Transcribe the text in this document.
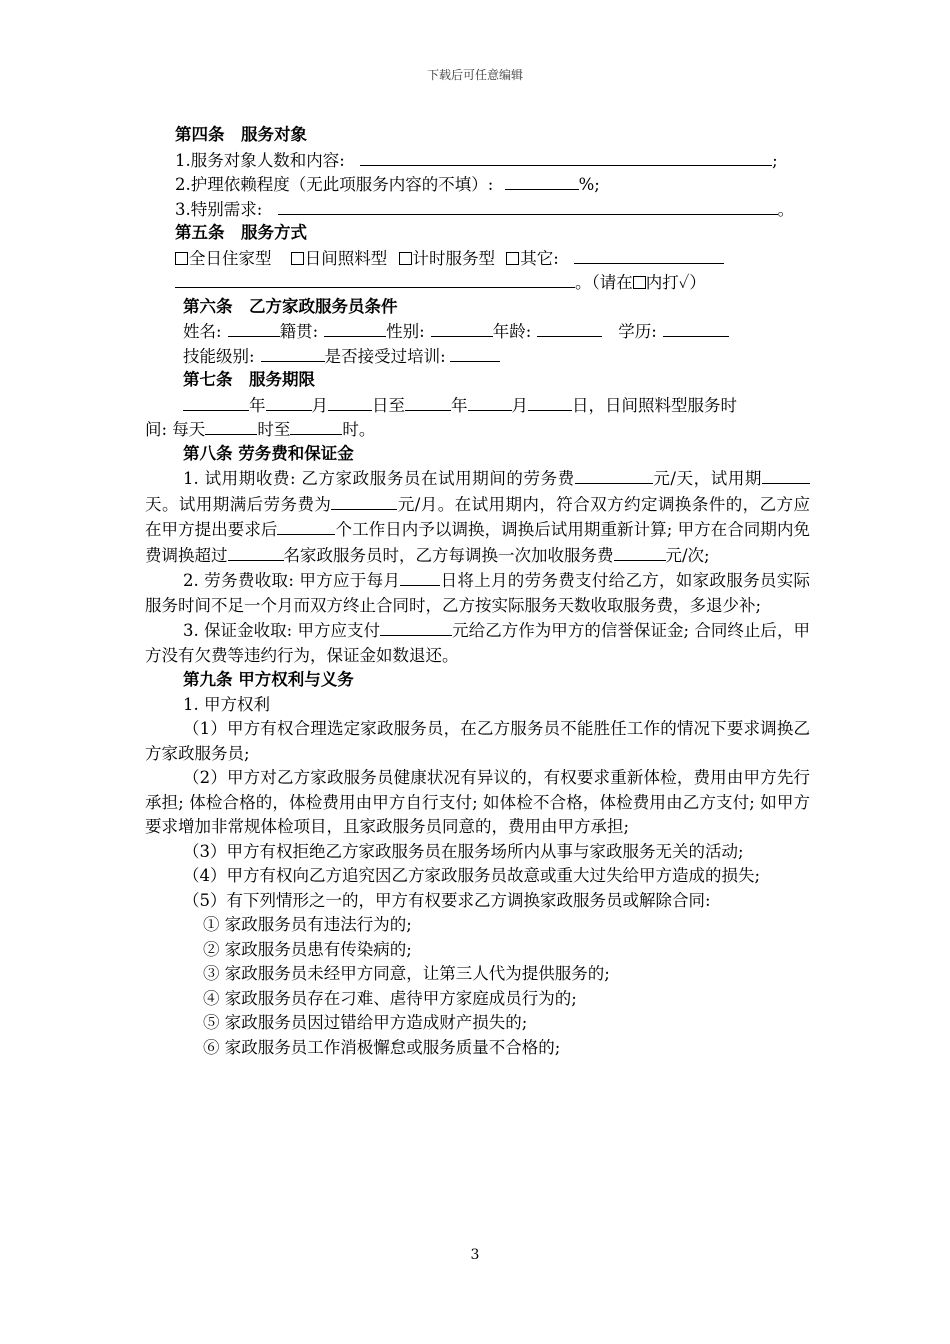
下载后可任意编辑
第四条　服务对象
1.服务对象人数和内容:	;
2.护理依赖程度（无此项服务内容的不填）:	%;
3.特别需求:	。
第五条　服务方式
全日住家型 日间照料型 计时服务型 其它:
。（请在 内打✓）
第六条　乙方家政服务员条件
姓名:	籍贯:	性别:	年龄:	学历:
技能级别:	是否接受过培训:
第七条　服务期限
年	月	日至	年	月	日，日间照料型服务时
间: 每天	时至	时。
第八条 劳务费和保证金
1. 试用期收费: 乙方家政服务员在试用期间的劳务费	元/天，试用期天。试用期满后劳务费为	元/月。在试用期内，符合双方约定调换条件的，乙方应在甲方提出要求后	个工作日内予以调换，调换后试用期重新计算; 甲方在合同期内免费调换超过	名家政服务员时，乙方每调换一次加收服务费	元/次;
2. 劳务费收取: 甲方应于每月 日将上月的劳务费支付给乙方，如家政服务员实际服务时间不足一个月而双方终止合同时，乙方按实际服务天数收取服务费，多退少补;
3. 保证金收取: 甲方应支付	元给乙方作为甲方的信誉保证金; 合同终止后，甲方没有欠费等违约行为，保证金如数退还。
第九条 甲方权利与义务
1. 甲方权利
（1）甲方有权合理选定家政服务员，在乙方服务员不能胜任工作的情况下要求调换乙方家政服务员;
（2）甲方对乙方家政服务员健康状况有异议的，有权要求重新体检，费用由甲方先行承担; 体检合格的，体检费用由甲方自行支付; 如体检不合格，体检费用由乙方支付; 如甲方要求增加非常规体检项目，且家政服务员同意的，费用由甲方承担;
（3）甲方有权拒绝乙方家政服务员在服务场所内从事与家政服务无关的活动;
（4）甲方有权向乙方追究因乙方家政服务员故意或重大过失给甲方造成的损失;
（5）有下列情形之一的，甲方有权要求乙方调换家政服务员或解除合同:
① 家政服务员有违法行为的;
② 家政服务员患有传染病的;
③ 家政服务员未经甲方同意，让第三人代为提供服务的;
④ 家政服务员存在刁难、虐待甲方家庭成员行为的;
⑤ 家政服务员因过错给甲方造成财产损失的;
⑥ 家政服务员工作消极懈怠或服务质量不合格的;
3
